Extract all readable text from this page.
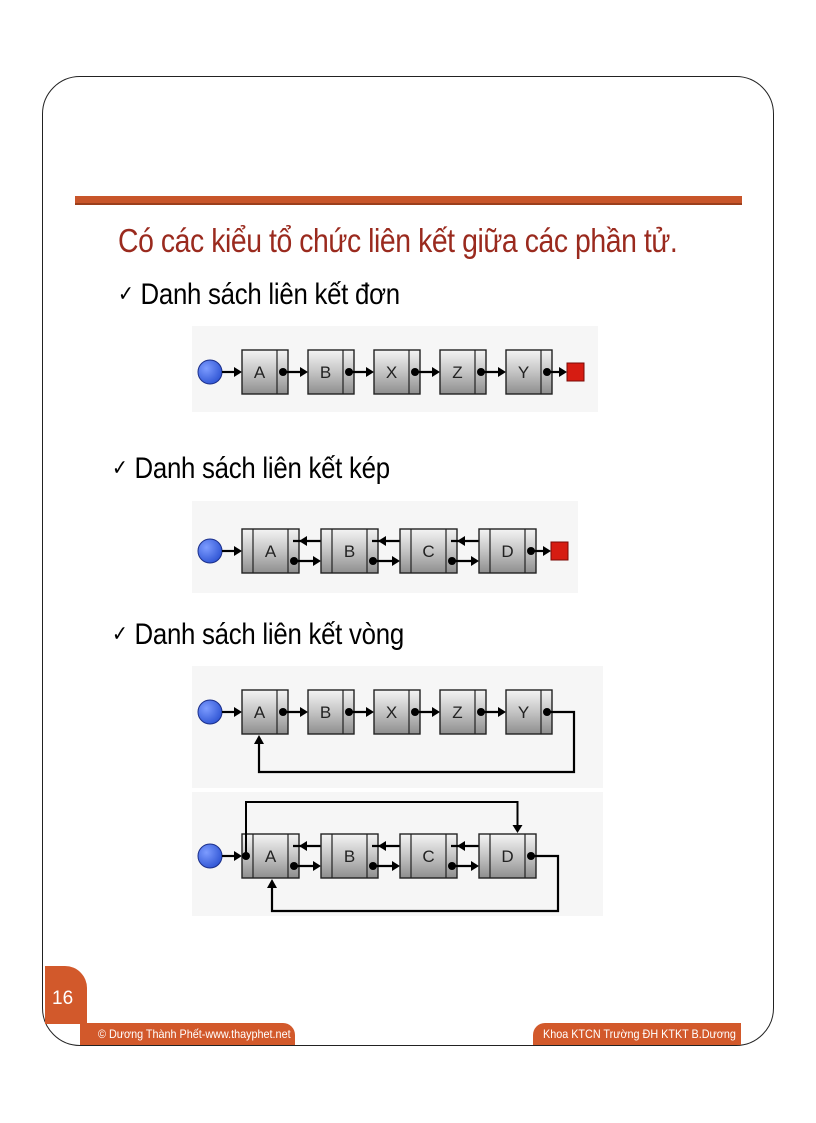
Có các kiểu tổ chức liên kết giữa các phần tử.
✓ Danh sách liên kết đơn
✓ Danh sách liên kết kép
✓ Danh sách liên kết vòng
A	B	X	Z	Y
A	B	C	D
A	B	X	Z	Y
A	B	C	D
16
© Dương Thành Phết-www.thayphet.net	Khoa KTCN Trường ĐH KTKT B.Dương
